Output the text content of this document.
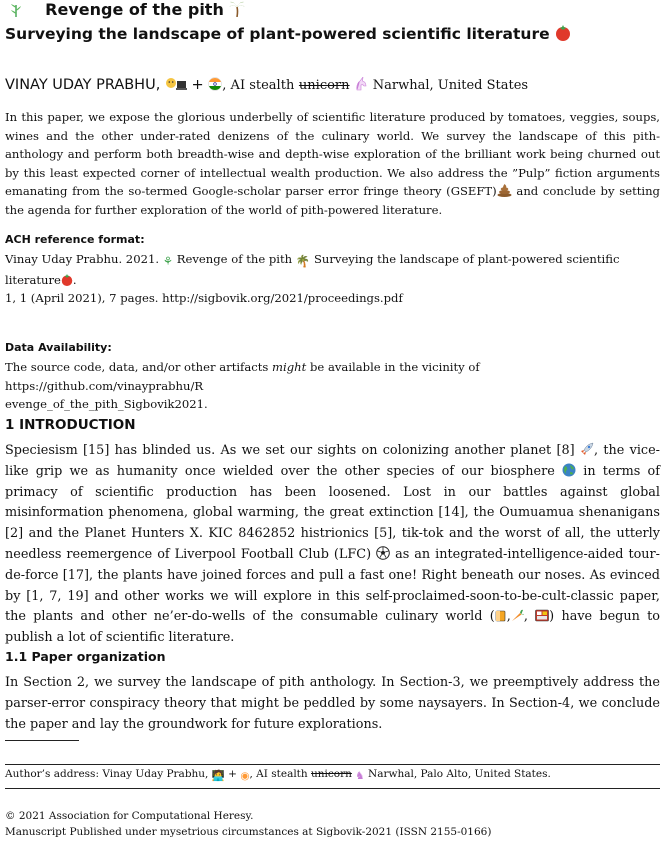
Revenge of the pith
Surveying the landscape of plant-powered scientific literature
VINAY UDAY PRABHU, + , AI stealth unicorn Narwhal, United States
In this paper, we expose the glorious underbelly of scientific literature produced by tomatoes, veggies, soups, wines and the other under-rated denizens of the culinary world. We survey the landscape of this pith-anthology and perform both breadth-wise and depth-wise exploration of the brilliant work being churned out by this least expected corner of intellectual wealth production. We also address the ”Pulp” fiction arguments emanating from the so-termed Google-scholar parser error fringe theory (GSEFT) and conclude by setting the agenda for further exploration of the world of pith-powered literature.
ACH reference format:
Vinay Uday Prabhu. 2021. ⚘ Revenge of the pith 🌴 Surveying the landscape of plant-powered scientific literature .
1, 1 (April 2021), 7 pages. http://sigbovik.org/2021/proceedings.pdf
Data Availability:
The source code, data, and/or other artifacts might be available in the vicinity of https://github.com/vinayprabhu/R
evenge_of_the_pith_Sigbovik2021.
1 INTRODUCTION
Speciesism [15] has blinded us. As we set our sights on colonizing another planet [8] , the vice-like grip we as humanity once wielded over the other species of our biosphere  in terms of primacy of scientific production has been loosened. Lost in our battles against global misinformation phenomena, global warming, the great extinction [14], the Oumuamua shenanigans [2] and the Planet Hunters X. KIC 8462852 histrionics [5], tik-tok and the worst of all, the utterly needless reemergence of Liverpool Football Club (LFC)  as an integrated-intelligence-aided tour-de-force [17], the plants have joined forces and pull a fast one! Right beneath our noses. As evinced by [1, 7, 19] and other works we will explore in this self-proclaimed-soon-to-be-cult-classic paper, the plants and other ne’er-do-wells of the consumable culinary world ( , , ) have begun to publish a lot of scientific literature.
1.1 Paper organization
In Section 2, we survey the landscape of pith anthology. In Section-3, we preemptively address the parser-error conspiracy theory that might be peddled by some naysayers. In Section-4, we conclude the paper and lay the groundwork for future explorations.
Author’s address: Vinay Uday Prabhu, 🧑‍💻 + ◉, AI stealth unicorn ♞ Narwhal, Palo Alto, United States.
© 2021 Association for Computational Heresy.
Manuscript Published under mysetrious circumstances at Sigbovik-2021 (ISSN 2155-0166)
